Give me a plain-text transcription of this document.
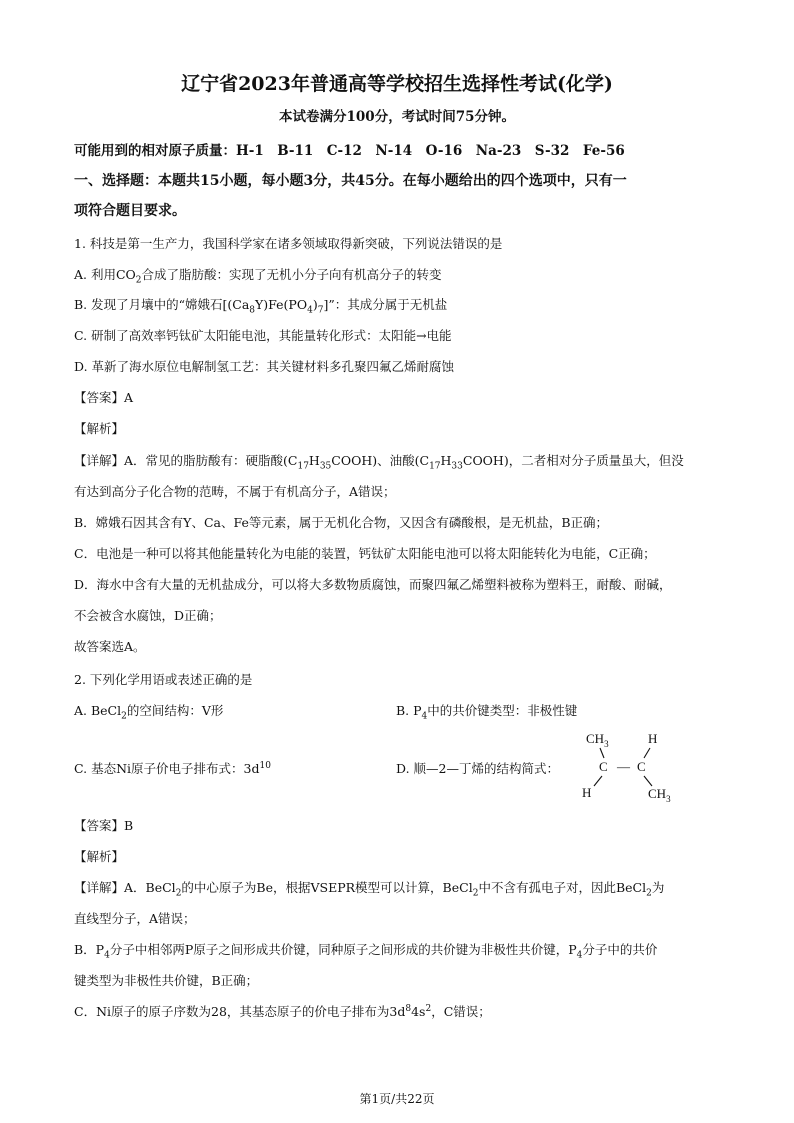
辽宁省2023年普通高等学校招生选择性考试(化学)
本试卷满分100分，考试时间75分钟。
可能用到的相对原子质量：H-1　B-11　C-12　N-14　O-16　Na-23　S-32　Fe-56
一、选择题：本题共15小题，每小题3分，共45分。在每小题给出的四个选项中，只有一
项符合题目要求。
1. 科技是第一生产力，我国科学家在诸多领域取得新突破，下列说法错误的是
A. 利用$CO_2$合成了脂肪酸：实现了无机小分子向有机高分子的转变
B. 发现了月壤中的“嫦娥石$[(Ca_8Y)Fe(PO_4)_7]$”：其成分属于无机盐
C. 研制了高效率钙钛矿太阳能电池，其能量转化形式：太阳能→电能
D. 革新了海水原位电解制氢工艺：其关键材料多孔聚四氟乙烯耐腐蚀
【答案】A
【解析】
【详解】A．常见的脂肪酸有：硬脂酸$(C_{17}H_{35}COOH)$、油酸$(C_{17}H_{33}COOH)$，二者相对分子质量虽大，但没
有达到高分子化合物的范畴，不属于有机高分子，A错误；
B．嫦娥石因其含有Y、Ca、Fe等元素，属于无机化合物，又因含有磷酸根，是无机盐，B正确；
C．电池是一种可以将其他能量转化为电能的装置，钙钛矿太阳能电池可以将太阳能转化为电能，C正确；
D．海水中含有大量的无机盐成分，可以将大多数物质腐蚀，而聚四氟乙烯塑料被称为塑料王，耐酸、耐碱，
不会被含水腐蚀，D正确；
故答案选A。
2. 下列化学用语或表述正确的是
A. BeCl$_2$的空间结构：V形	B. $P_4$中的共价键类型：非极性键
C. 基态Ni原子价电子排布式：$3d^{10}$	D. 顺—2—丁烯的结构简式：
$CH_3$	H
C — C
H	$CH_3$
【答案】B
【解析】
【详解】A．BeCl$_2$的中心原子为Be，根据VSEPR模型可以计算，BeCl$_2$中不含有孤电子对，因此BeCl$_2$为
直线型分子，A错误；
B．$P_4$分子中相邻两P原子之间形成共价键，同种原子之间形成的共价键为非极性共价键，$P_4$分子中的共价
键类型为非极性共价键，B正确；
C．Ni原子的原子序数为28，其基态原子的价电子排布为$3d^84s^2$，C错误；
第1页/共22页
